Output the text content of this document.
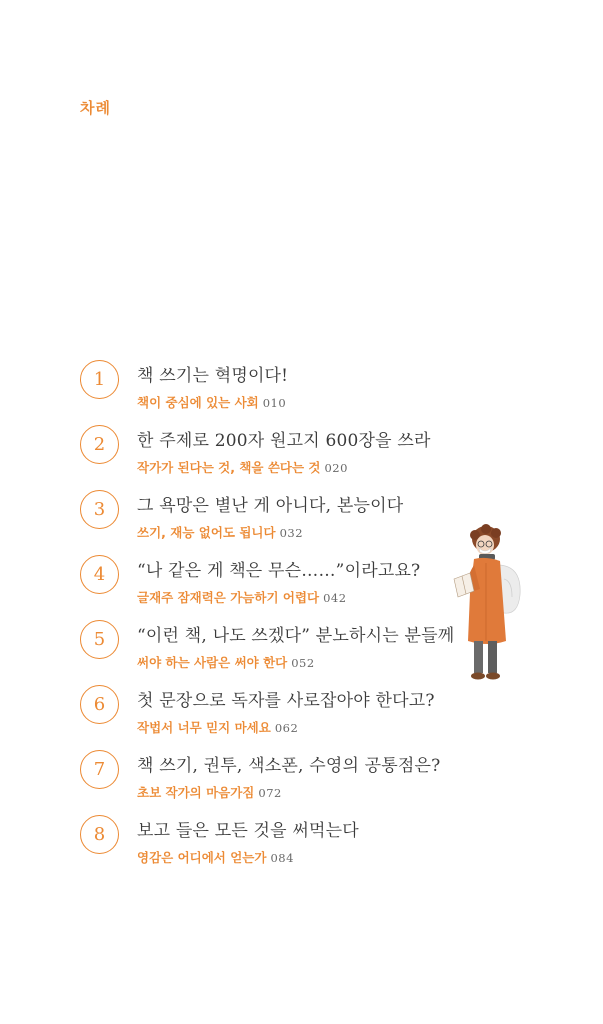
차례
1	책 쓰기는 혁명이다!
책이 중심에 있는 사회 010
2	한 주제로 200자 원고지 600장을 쓰라
작가가 된다는 것, 책을 쓴다는 것 020
3	그 욕망은 별난 게 아니다, 본능이다
쓰기, 재능 없어도 됩니다 032
4	“나 같은 게 책은 무슨……”이라고요?
글재주 잠재력은 가늠하기 어렵다 042
5	“이런 책, 나도 쓰겠다” 분노하시는 분들께
써야 하는 사람은 써야 한다 052
6	첫 문장으로 독자를 사로잡아야 한다고?
작법서 너무 믿지 마세요 062
7	책 쓰기, 권투, 색소폰, 수영의 공통점은?
초보 작가의 마음가짐 072
8	보고 들은 모든 것을 써먹는다
영감은 어디에서 얻는가 084
